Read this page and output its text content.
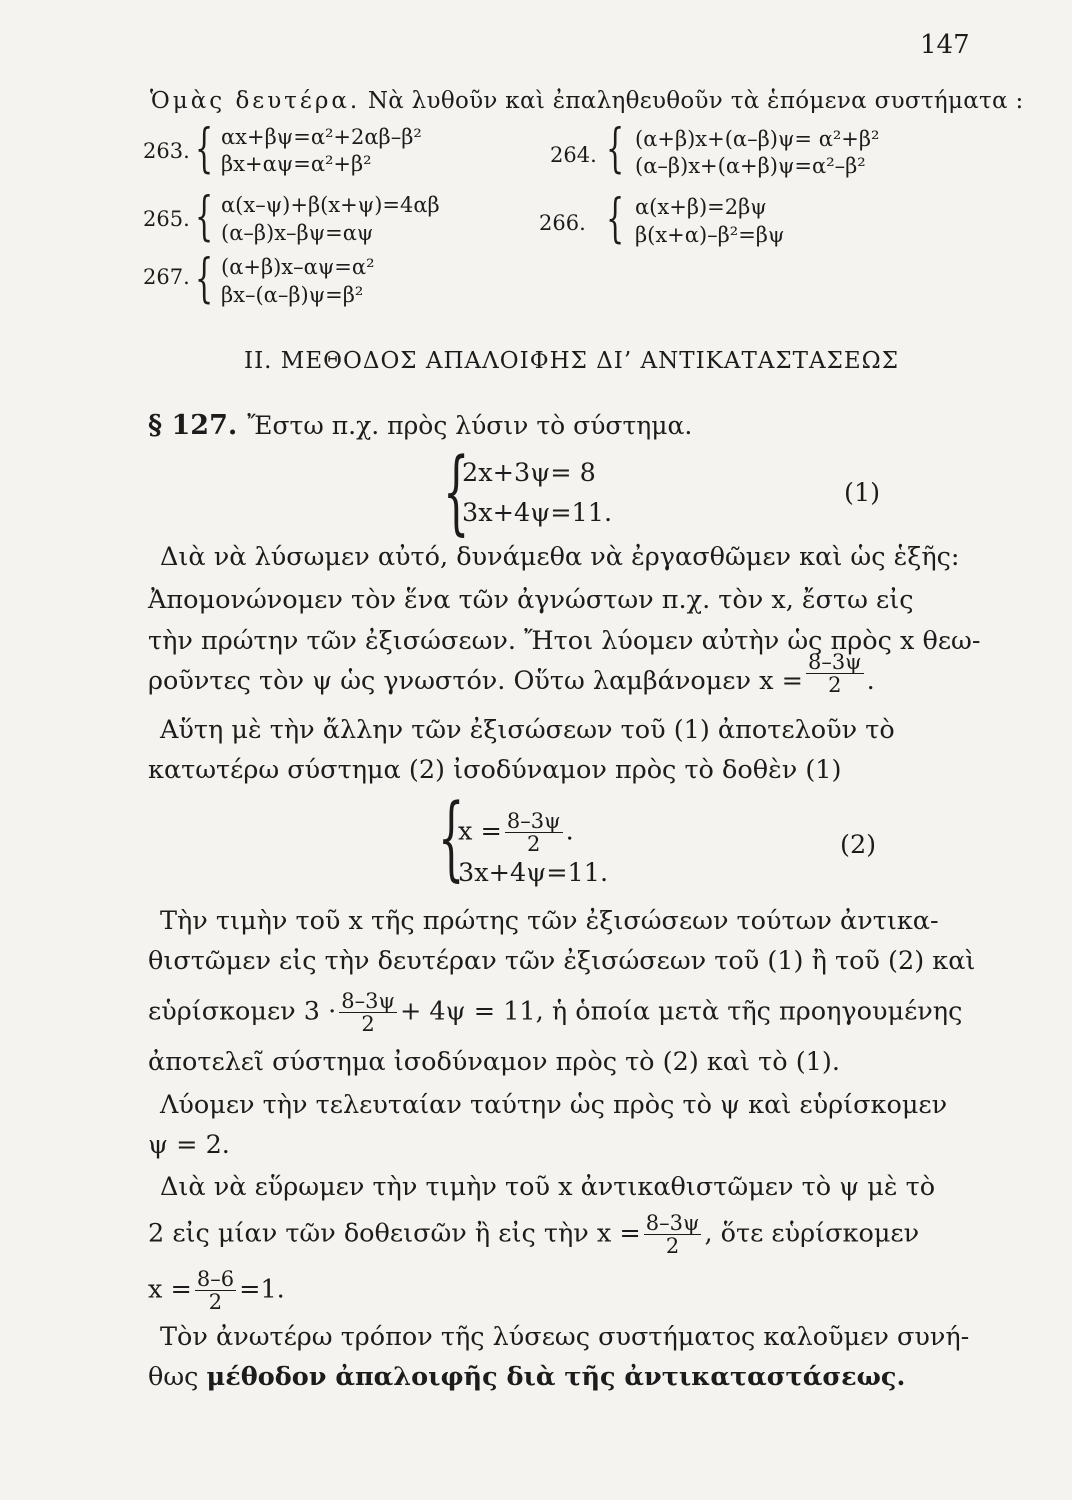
147
Ὁμὰς δευτέρα. Νὰ λυθοῦν καὶ ἐπαληθευθοῦν τὰ ἑπόμενα συστήματα :
263. { αx+βψ=α²+2αβ–β²
βx+αψ=α²+β²	264. { (α+β)x+(α–β)ψ= α²+β²
(α–β)x+(α+β)ψ=α²–β²
265. { α(x–ψ)+β(x+ψ)=4αβ
(α–β)x–βψ=αψ	266. { α(x+β)=2βψ
β(x+α)–β²=βψ
267. { (α+β)x–αψ=α²
βx–(α–β)ψ=β²
II. ΜΕΘΟΔΟΣ ΑΠΑΛΟΙΦΗΣ ΔΙ’ ΑΝΤΙΚΑΤΑΣΤΑΣΕΩΣ
§ 127. Ἔστω π.χ. πρὸς λύσιν τὸ σύστημα.
{
2x+3ψ= 8
3x+4ψ=11.
(1)
Διὰ νὰ λύσωμεν αὐτό, δυνάμεθα νὰ ἐργασθῶμεν καὶ ὡς ἑξῆς:
Ἀπομονώνομεν τὸν ἕνα τῶν ἀγνώστων π.χ. τὸν x, ἔστω εἰς
τὴν πρώτην τῶν ἐξισώσεων. Ἤτοι λύομεν αὐτὴν ὡς πρὸς x θεω-
ροῦντες τὸν ψ ὡς γνωστόν. Οὕτω λαμβάνομεν $x = \frac{8-3\psi}{2}$ .
Αὕτη μὲ τὴν ἄλλην τῶν ἐξισώσεων τοῦ (1) ἀποτελοῦν τὸ
κατωτέρω σύστημα (2) ἰσοδύναμον πρὸς τὸ δοθὲν (1)
{
$x = \frac{8-3\psi}{2}$ .
3x+4ψ=11.
(2)
Τὴν τιμὴν τοῦ x τῆς πρώτης τῶν ἐξισώσεων τούτων ἀντικα-
θιστῶμεν εἰς τὴν δευτέραν τῶν ἐξισώσεων τοῦ (1) ἢ τοῦ (2) καὶ
εὑρίσκομεν $3 \cdot \frac{8-3\psi}{2} + 4\psi = 11$, ἡ ὁποία μετὰ τῆς προηγουμένης
ἀποτελεῖ σύστημα ἰσοδύναμον πρὸς τὸ (2) καὶ τὸ (1).
Λύομεν τὴν τελευταίαν ταύτην ὡς πρὸς τὸ ψ καὶ εὑρίσκομεν
ψ = 2.
Διὰ νὰ εὕρωμεν τὴν τιμὴν τοῦ x ἀντικαθιστῶμεν τὸ ψ μὲ τὸ
2 εἰς μίαν τῶν δοθεισῶν ἢ εἰς τὴν $x = \frac{8-3\psi}{2}$ , ὅτε εὑρίσκομεν
$x = \frac{8-6}{2} =1$.
Τὸν ἀνωτέρω τρόπον τῆς λύσεως συστήματος καλοῦμεν συνή-
θως μέθοδον ἀπαλοιφῆς διὰ τῆς ἀντικαταστάσεως.
